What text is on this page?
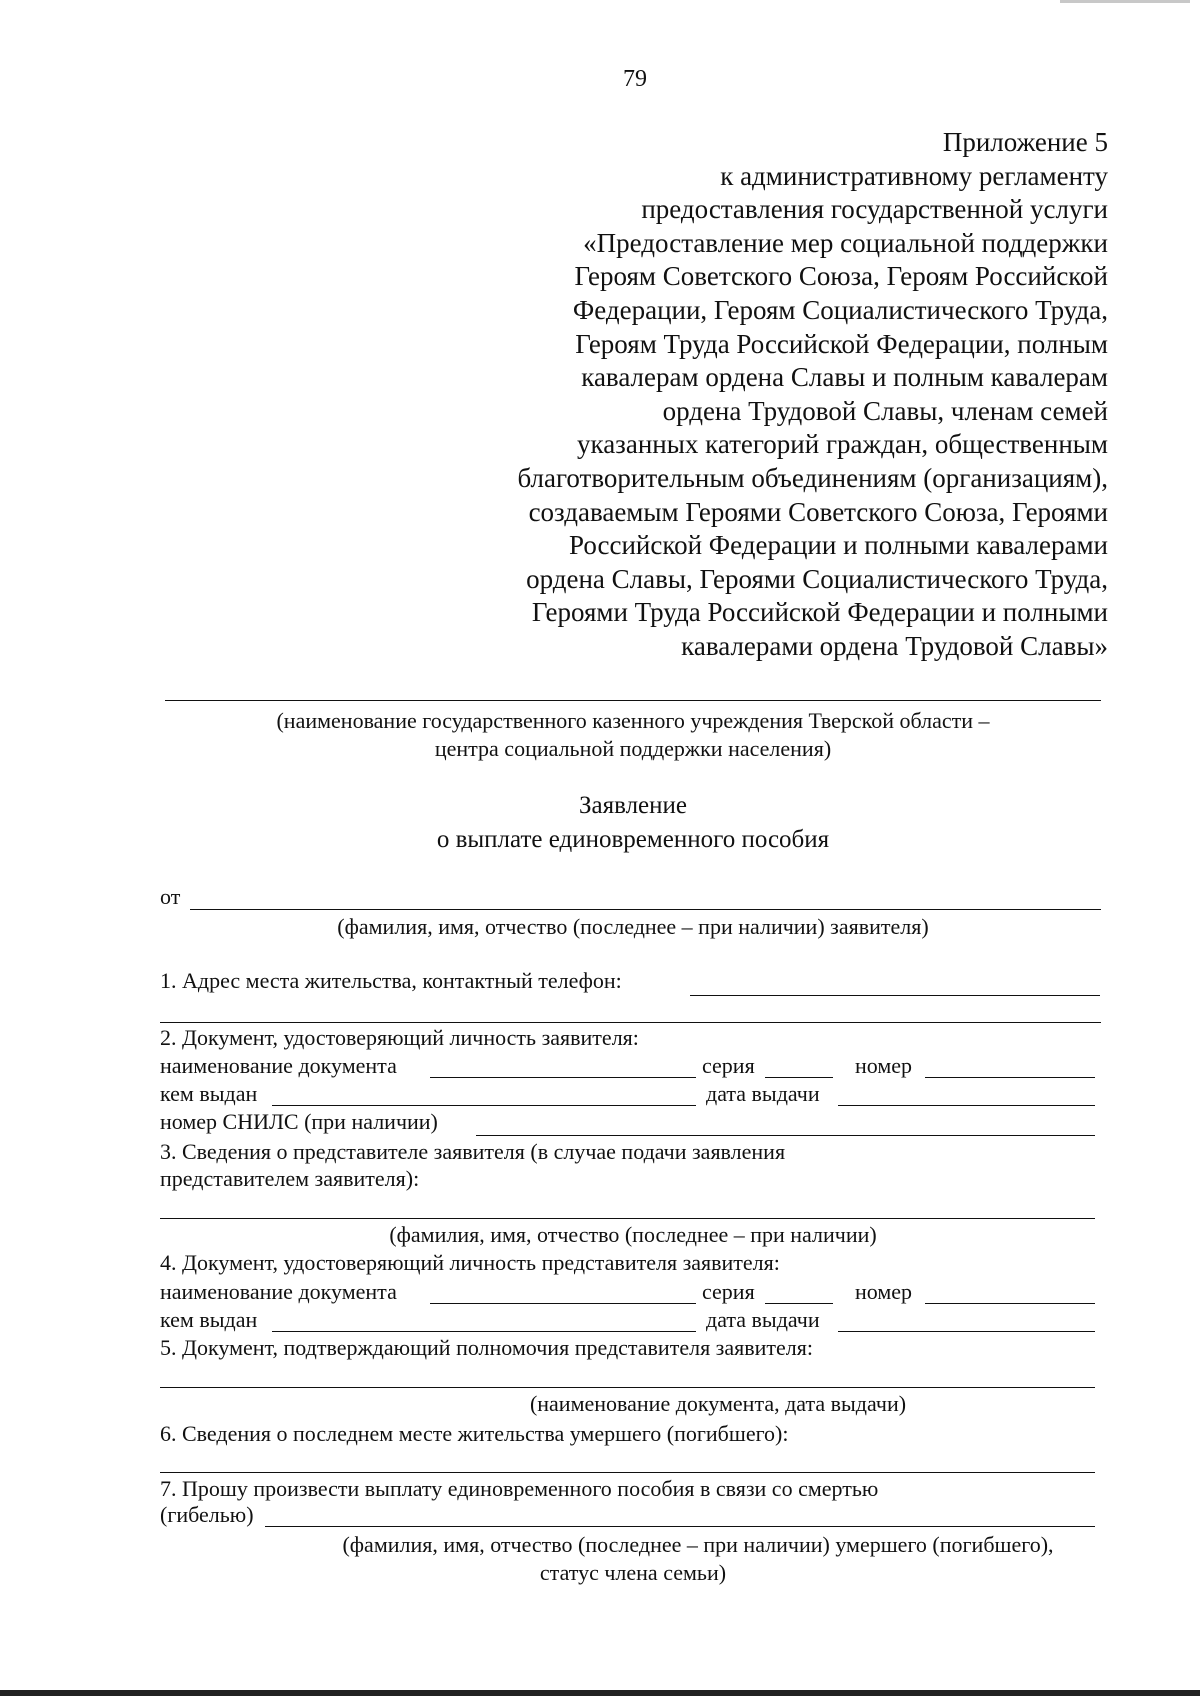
79
Приложение 5
к административному регламенту
предоставления государственной услуги
«Предоставление мер социальной поддержки
Героям Советского Союза, Героям Российской
Федерации, Героям Социалистического Труда,
Героям Труда Российской Федерации, полным
кавалерам ордена Славы и полным кавалерам
ордена Трудовой Славы, членам семей
указанных категорий граждан, общественным
благотворительным объединениям (организациям),
создаваемым Героями Советского Союза, Героями
Российской Федерации и полными кавалерами
ордена Славы, Героями Социалистического Труда,
Героями Труда Российской Федерации и полными
кавалерами ордена Трудовой Славы»
(наименование государственного казенного учреждения Тверской области –
центра социальной поддержки населения)
Заявление
о выплате единовременного пособия
от
(фамилия, имя, отчество (последнее – при наличии) заявителя)
1. Адрес места жительства, контактный телефон:
2. Документ, удостоверяющий личность заявителя:
наименование документа	серия	номер
кем выдан	дата выдачи
номер СНИЛС (при наличии)
3. Сведения о представителе заявителя (в случае подачи заявления
представителем заявителя):
(фамилия, имя, отчество (последнее – при наличии)
4. Документ, удостоверяющий личность представителя заявителя:
наименование документа	серия	номер
кем выдан	дата выдачи
5. Документ, подтверждающий полномочия представителя заявителя:
(наименование документа, дата выдачи)
6. Сведения о последнем месте жительства умершего (погибшего):
7. Прошу произвести выплату единовременного пособия в связи со смертью
(гибелью)
(фамилия, имя, отчество (последнее – при наличии) умершего (погибшего),
статус члена семьи)
